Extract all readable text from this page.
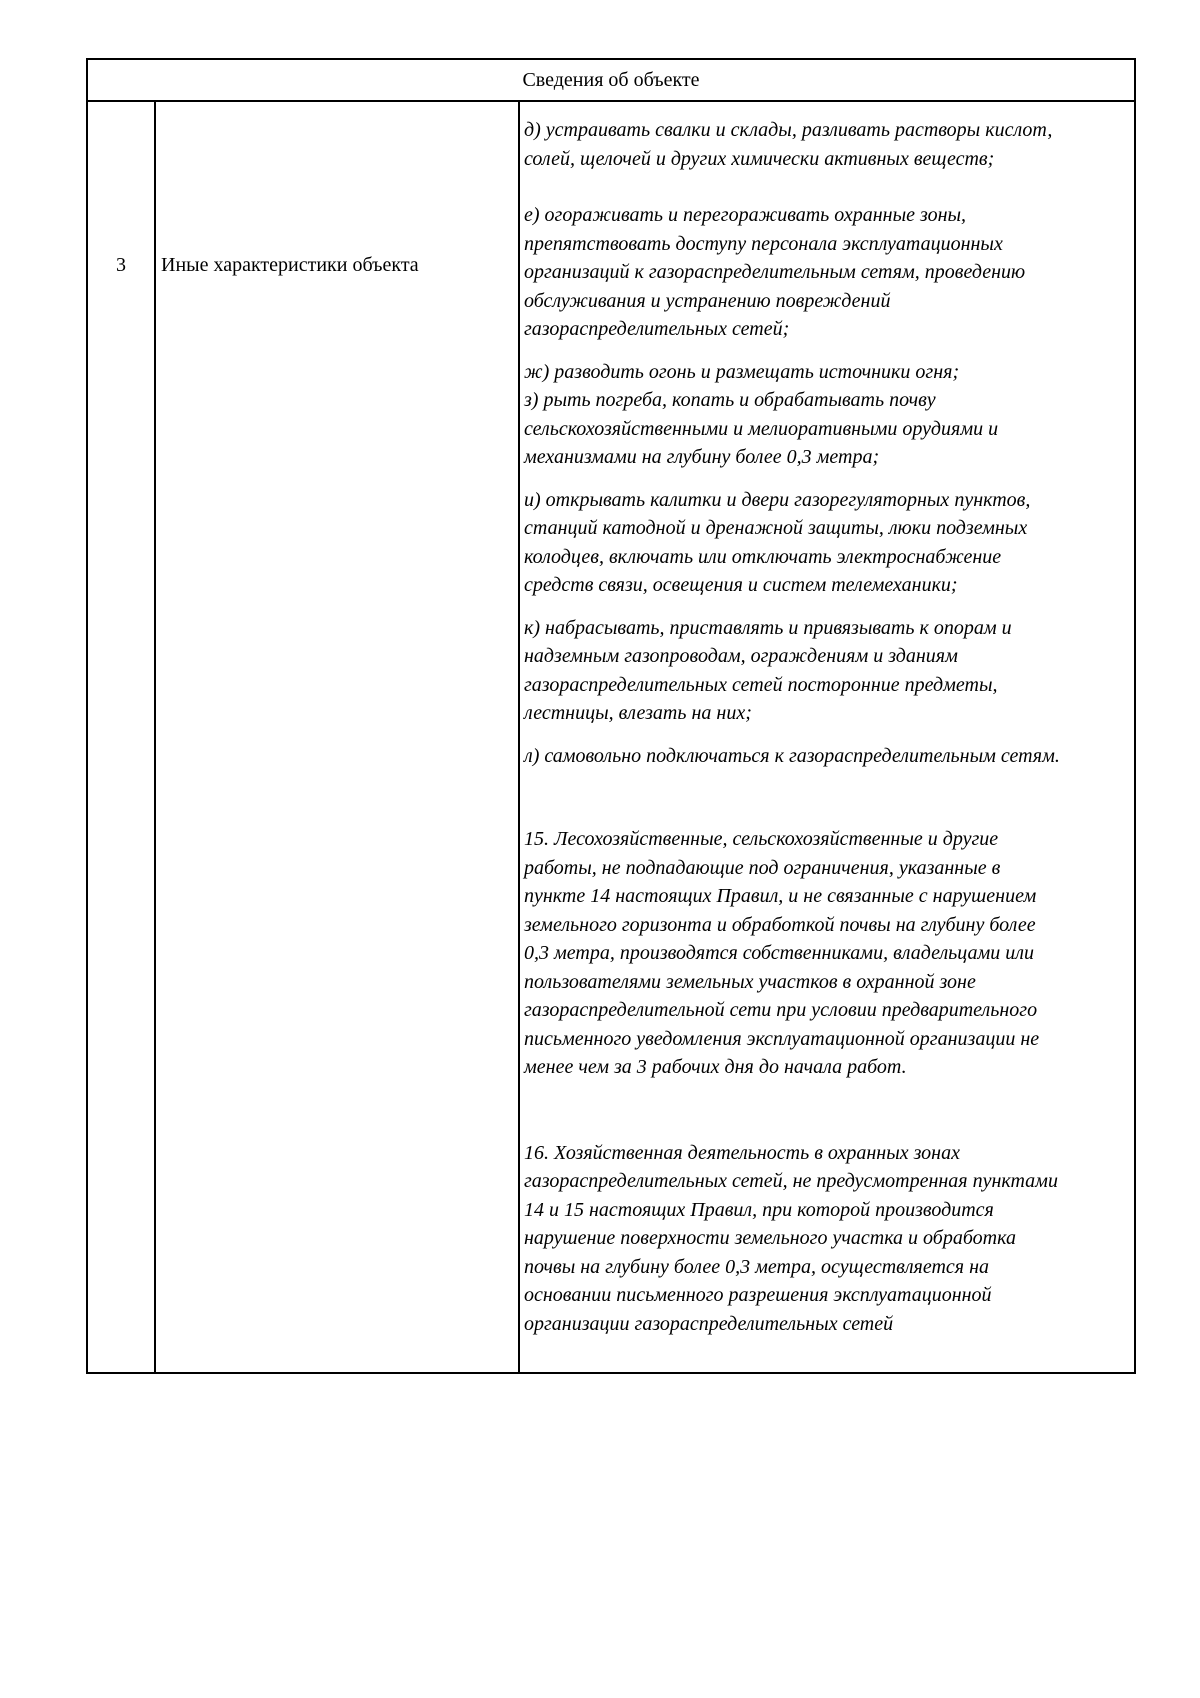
Сведения об объекте
3	Иные характеристики объекта

д) устраивать свалки и склады, разливать растворы кислот,
солей, щелочей и других химически активных веществ;

е) огораживать и перегораживать охранные зоны,
препятствовать доступу персонала эксплуатационных
организаций к газораспределительным сетям, проведению
обслуживания и устранению повреждений
газораспределительных сетей;

ж) разводить огонь и размещать источники огня;

з) рыть погреба, копать и обрабатывать почву
сельскохозяйственными и мелиоративными орудиями и
механизмами на глубину более 0,3 метра;

и) открывать калитки и двери газорегуляторных пунктов,
станций катодной и дренажной защиты, люки подземных
колодцев, включать или отключать электроснабжение
средств связи, освещения и систем телемеханики;

к) набрасывать, приставлять и привязывать к опорам и
надземным газопроводам, ограждениям и зданиям
газораспределительных сетей посторонние предметы,
лестницы, влезать на них;

л) самовольно подключаться к газораспределительным сетям.

15. Лесохозяйственные, сельскохозяйственные и другие
работы, не подпадающие под ограничения, указанные в
пункте 14 настоящих Правил, и не связанные с нарушением
земельного горизонта и обработкой почвы на глубину более
0,3 метра, производятся собственниками, владельцами или
пользователями земельных участков в охранной зоне
газораспределительной сети при условии предварительного
письменного уведомления эксплуатационной организации не
менее чем за 3 рабочих дня до начала работ.

16. Хозяйственная деятельность в охранных зонах
газораспределительных сетей, не предусмотренная пунктами
14 и 15 настоящих Правил, при которой производится
нарушение поверхности земельного участка и обработка
почвы на глубину более 0,3 метра, осуществляется на
основании письменного разрешения эксплуатационной
организации газораспределительных сетей
